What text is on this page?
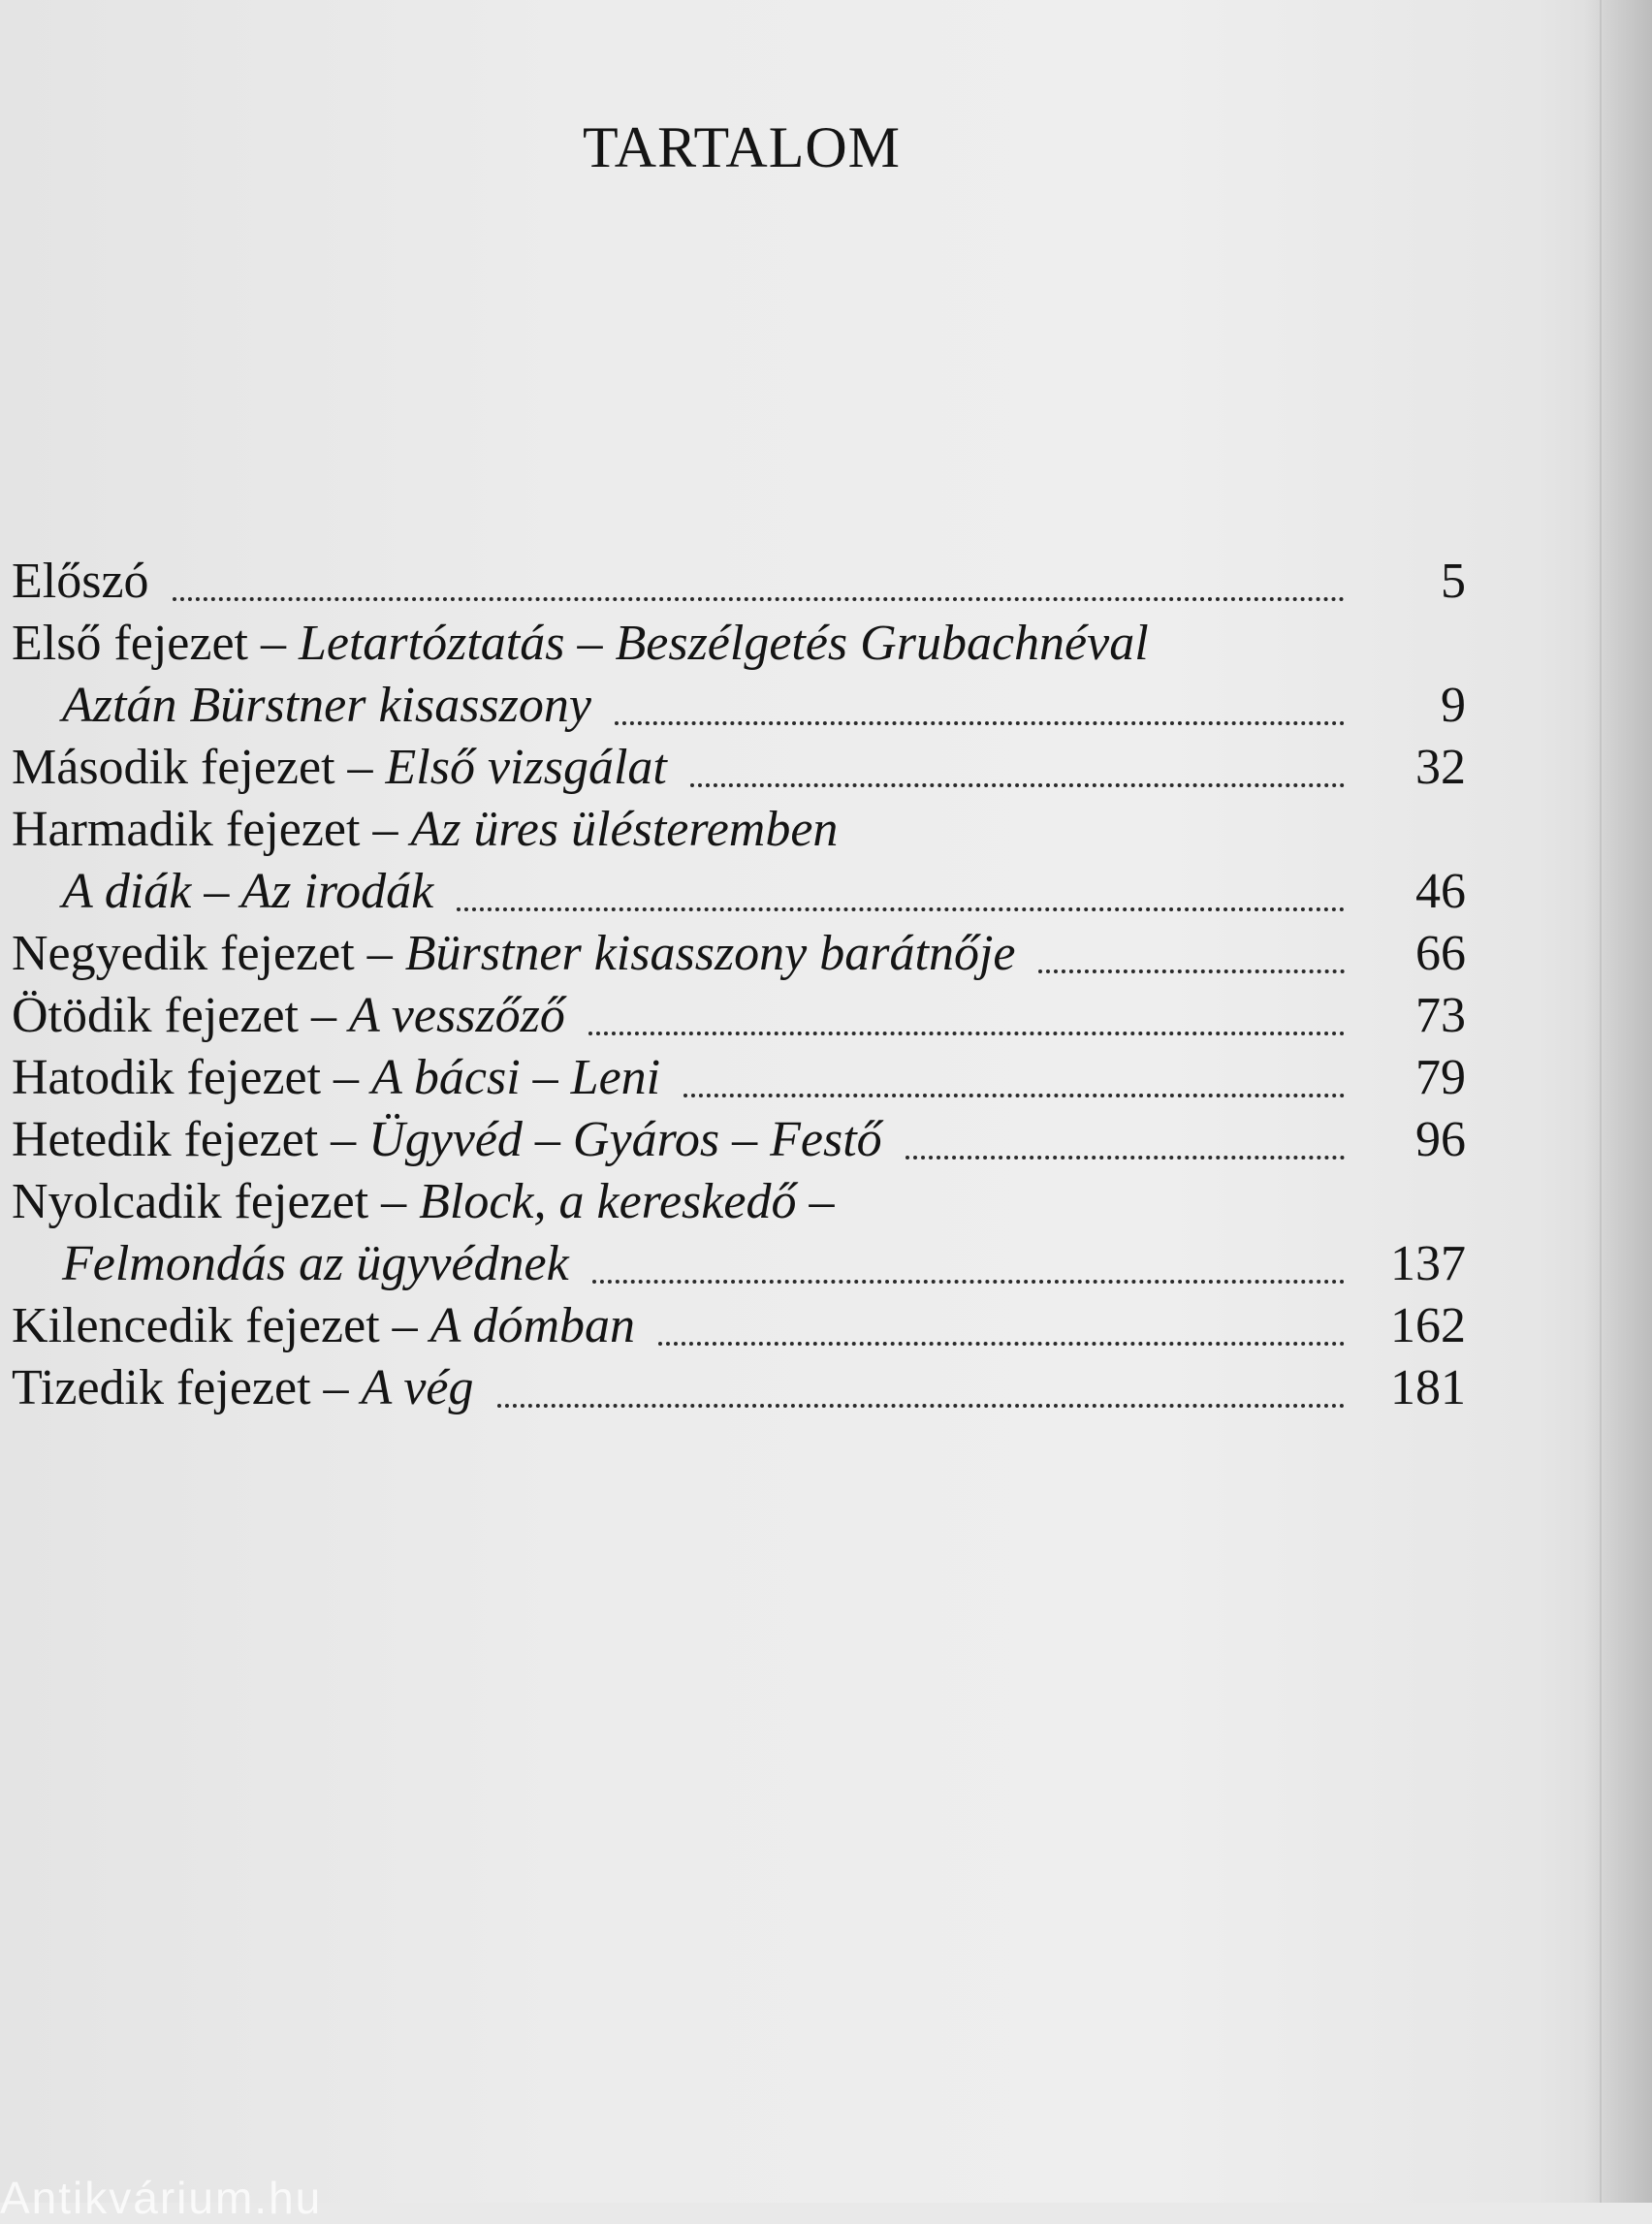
TARTALOM
Előszó	5
Első fejezet – Letartóztatás – Beszélgetés Grubachnéval
Aztán Bürstner kisasszony	9
Második fejezet – Első vizsgálat	32
Harmadik fejezet – Az üres ülésteremben
A diák – Az irodák	46
Negyedik fejezet – Bürstner kisasszony barátnője	66
Ötödik fejezet – A vesszőző	73
Hatodik fejezet – A bácsi – Leni	79
Hetedik fejezet – Ügyvéd – Gyáros – Festő	96
Nyolcadik fejezet – Block, a kereskedő –
Felmondás az ügyvédnek	137
Kilencedik fejezet – A dómban	162
Tizedik fejezet – A vég	181
Antikvárium.hu
